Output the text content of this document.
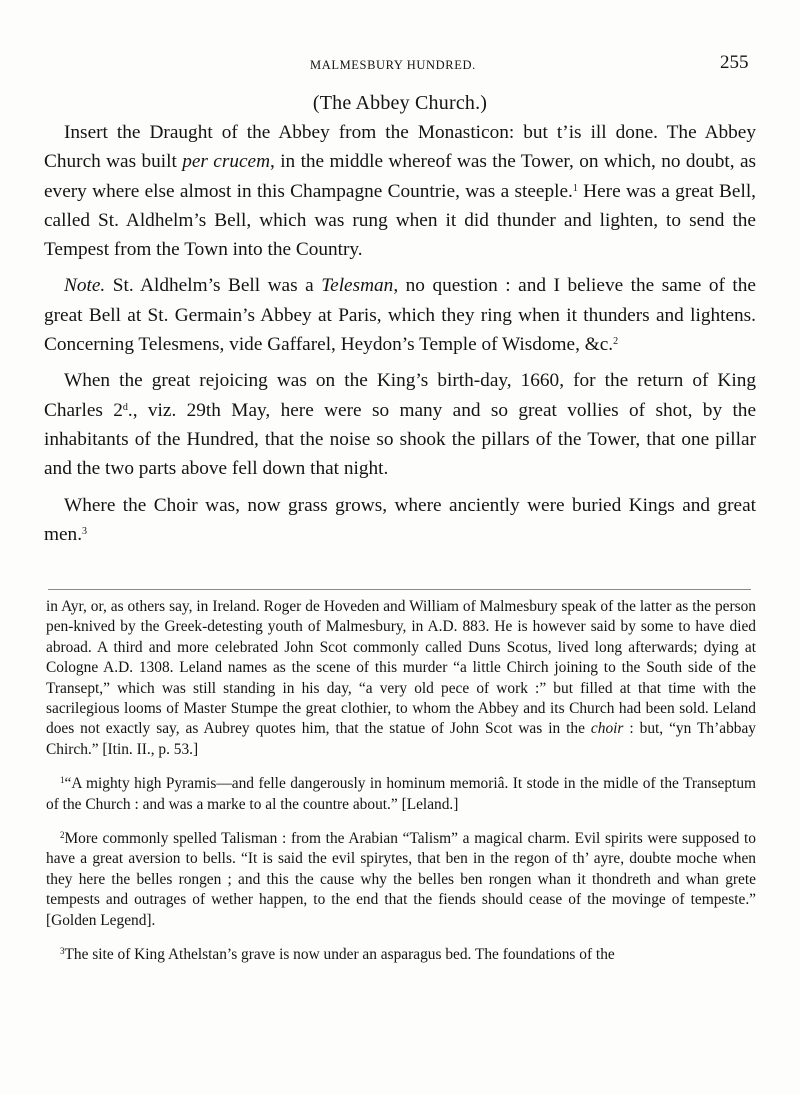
MALMESBURY HUNDRED.	255
(The Abbey Church.)

Insert the Draught of the Abbey from the Monasticon: but t’is ill done. The Abbey Church was built per crucem, in the middle whereof was the Tower, on which, no doubt, as every where else almost in this Champagne Countrie, was a steeple.$^1$ Here was a great Bell, called St. Aldhelm’s Bell, which was rung when it did thunder and lighten, to send the Tempest from the Town into the Country.

Note. St. Aldhelm’s Bell was a Telesman, no question : and I believe the same of the great Bell at St. Germain’s Abbey at Paris, which they ring when it thunders and lightens. Concerning Telesmens, vide Gaffarel, Heydon’s Temple of Wisdome, &c.$^2$

When the great rejoicing was on the King’s birth-day, 1660, for the return of King Charles 2$^d$., viz. 29th May, here were so many and so great vollies of shot, by the inhabitants of the Hundred, that the noise so shook the pillars of the Tower, that one pillar and the two parts above fell down that night.

Where the Choir was, now grass grows, where anciently were buried Kings and great men.$^3$

in Ayr, or, as others say, in Ireland. Roger de Hoveden and William of Malmesbury speak of the latter as the person pen-knived by the Greek-detesting youth of Malmesbury, in A.D. 883. He is however said by some to have died abroad. A third and more celebrated John Scot commonly called Duns Scotus, lived long afterwards; dying at Cologne A.D. 1308. Leland names as the scene of this murder “a little Chirch joining to the South side of the Transept,” which was still standing in his day, “a very old pece of work :” but filled at that time with the sacrilegious looms of Master Stumpe the great clothier, to whom the Abbey and its Church had been sold. Leland does not exactly say, as Aubrey quotes him, that the statue of John Scot was in the choir : but, “yn Th’abbay Chirch.” [Itin. II., p. 53.]

$^1$“A mighty high Pyramis—and felle dangerously in hominum memoriâ. It stode in the midle of the Transeptum of the Church : and was a marke to al the countre about.” [Leland.]

$^2$More commonly spelled Talisman : from the Arabian “Talism” a magical charm. Evil spirits were supposed to have a great aversion to bells. “It is said the evil spirytes, that ben in the regon of th’ ayre, doubte moche when they here the belles rongen ; and this the cause why the belles ben rongen whan it thondreth and whan grete tempests and outrages of wether happen, to the end that the fiends should cease of the movinge of tempeste.” [Golden Legend].

$^3$The site of King Athelstan’s grave is now under an asparagus bed. The foundations of the
